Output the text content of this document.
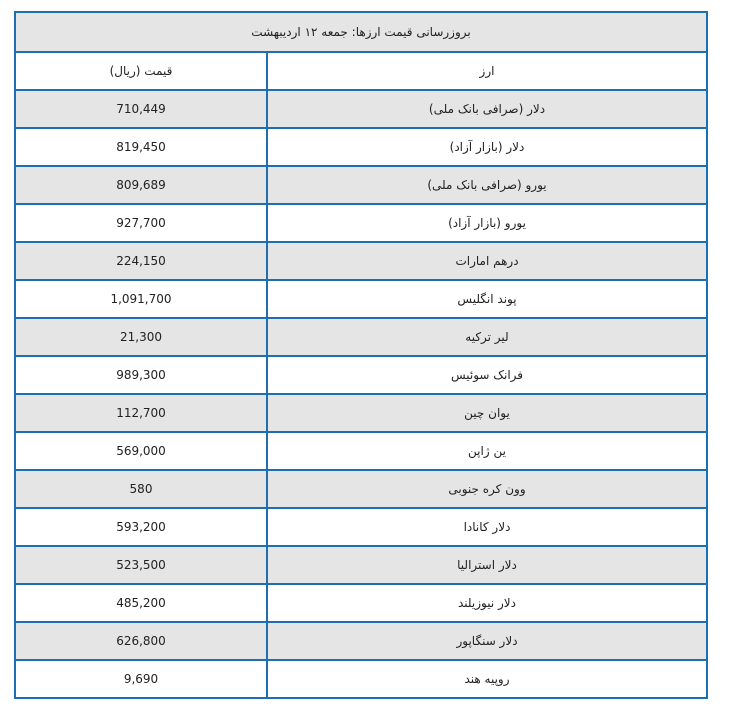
بروزرسانی قیمت ارزها: جمعه ۱۲ اردیبهشت	
ارز	قیمت (ریال)
دلار (صرافی بانک ملی)	710,449
دلار (بازار آزاد)	819,450
یورو (صرافی بانک ملی)	809,689
یورو (بازار آزاد)	927,700
درهم امارات	224,150
پوند انگلیس	1,091,700
لیر ترکیه	21,300
فرانک سوئیس	989,300
یوان چین	112,700
ین ژاپن	569,000
وون کره جنوبی	580
دلار کانادا	593,200
دلار استرالیا	523,500
دلار نیوزیلند	485,200
دلار سنگاپور	626,800
روپیه هند	9,690
